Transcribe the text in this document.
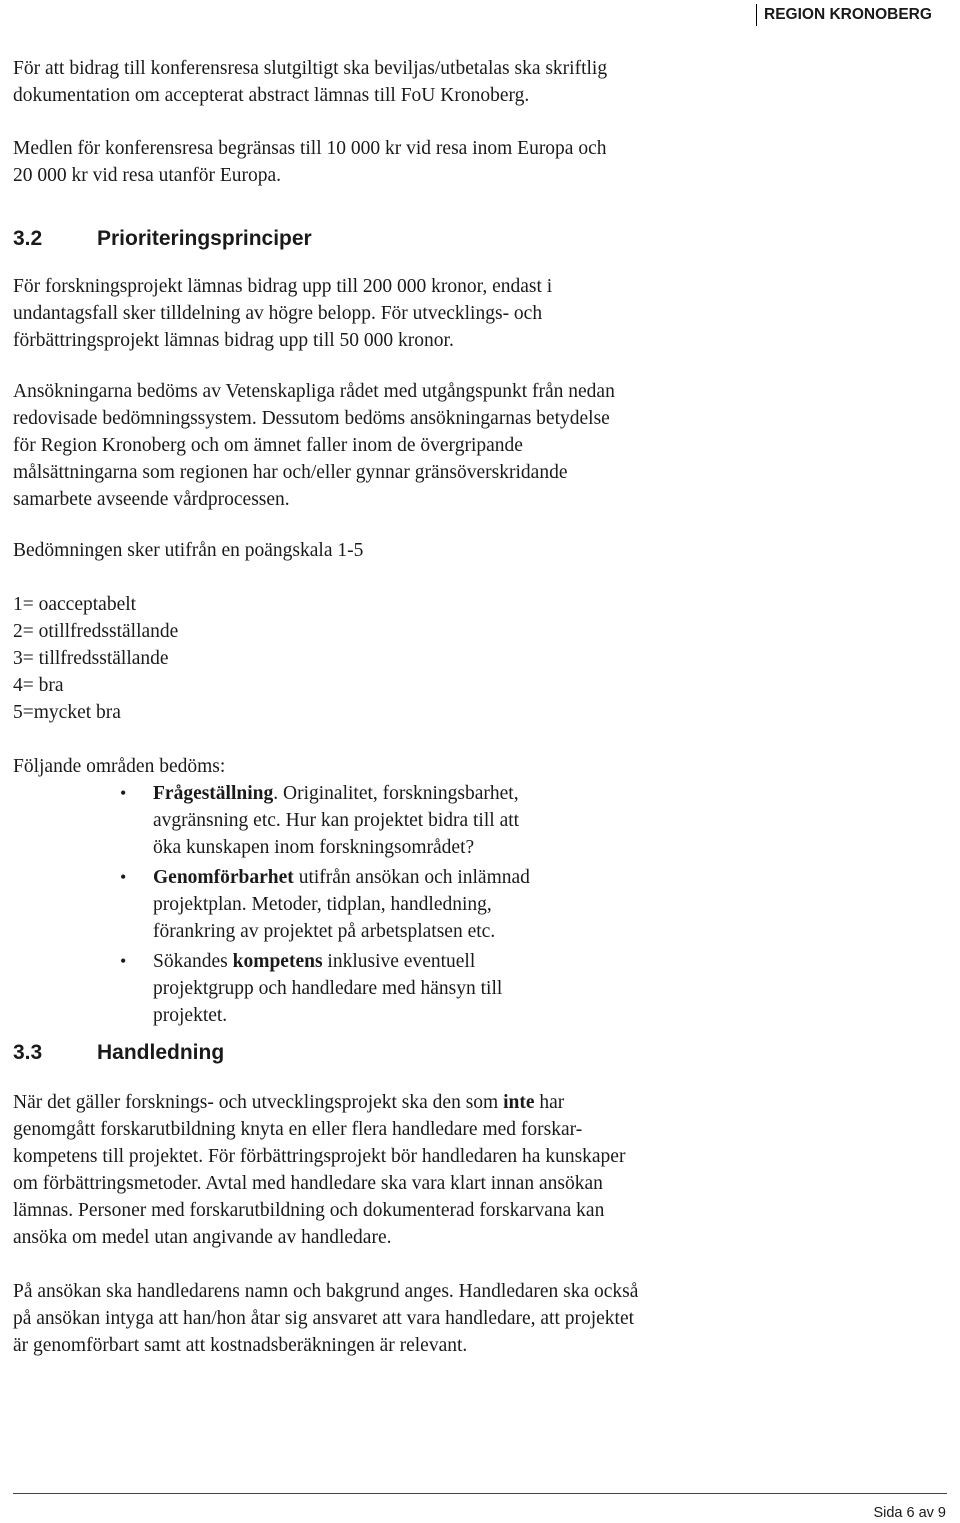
REGION KRONOBERG

För att bidrag till konferensresa slutgiltigt ska beviljas/utbetalas ska skriftlig
dokumentation om accepterat abstract lämnas till FoU Kronoberg.

Medlen för konferensresa begränsas till 10 000 kr vid resa inom Europa och
20 000 kr vid resa utanför Europa.

3.2	Prioriteringsprinciper

För forskningsprojekt lämnas bidrag upp till 200 000 kronor, endast i
undantagsfall sker tilldelning av högre belopp. För utvecklings- och
förbättringsprojekt lämnas bidrag upp till 50 000 kronor.

Ansökningarna bedöms av Vetenskapliga rådet med utgångspunkt från nedan
redovisade bedömningssystem. Dessutom bedöms ansökningarnas betydelse
för Region Kronoberg och om ämnet faller inom de övergripande
målsättningarna som regionen har och/eller gynnar gränsöverskridande
samarbete avseende vårdprocessen.

Bedömningen sker utifrån en poängskala 1-5

1= oacceptabelt
2= otillfredsställande
3= tillfredsställande
4= bra
5=mycket bra

Följande områden bedöms:

• Frågeställning. Originalitet, forskningsbarhet,
avgränsning etc. Hur kan projektet bidra till att
öka kunskapen inom forskningsområdet?
• Genomförbarhet utifrån ansökan och inlämnad
projektplan. Metoder, tidplan, handledning,
förankring av projektet på arbetsplatsen etc.
• Sökandes kompetens inklusive eventuell
projektgrupp och handledare med hänsyn till
projektet.
3.3	Handledning

När det gäller forsknings- och utvecklingsprojekt ska den som inte har
genomgått forskarutbildning knyta en eller flera handledare med forskar-
kompetens till projektet. För förbättringsprojekt bör handledaren ha kunskaper
om förbättringsmetoder. Avtal med handledare ska vara klart innan ansökan
lämnas. Personer med forskarutbildning och dokumenterad forskarvana kan
ansöka om medel utan angivande av handledare.

På ansökan ska handledarens namn och bakgrund anges. Handledaren ska också
på ansökan intyga att han/hon åtar sig ansvaret att vara handledare, att projektet
är genomförbart samt att kostnadsberäkningen är relevant.

Sida 6 av 9
